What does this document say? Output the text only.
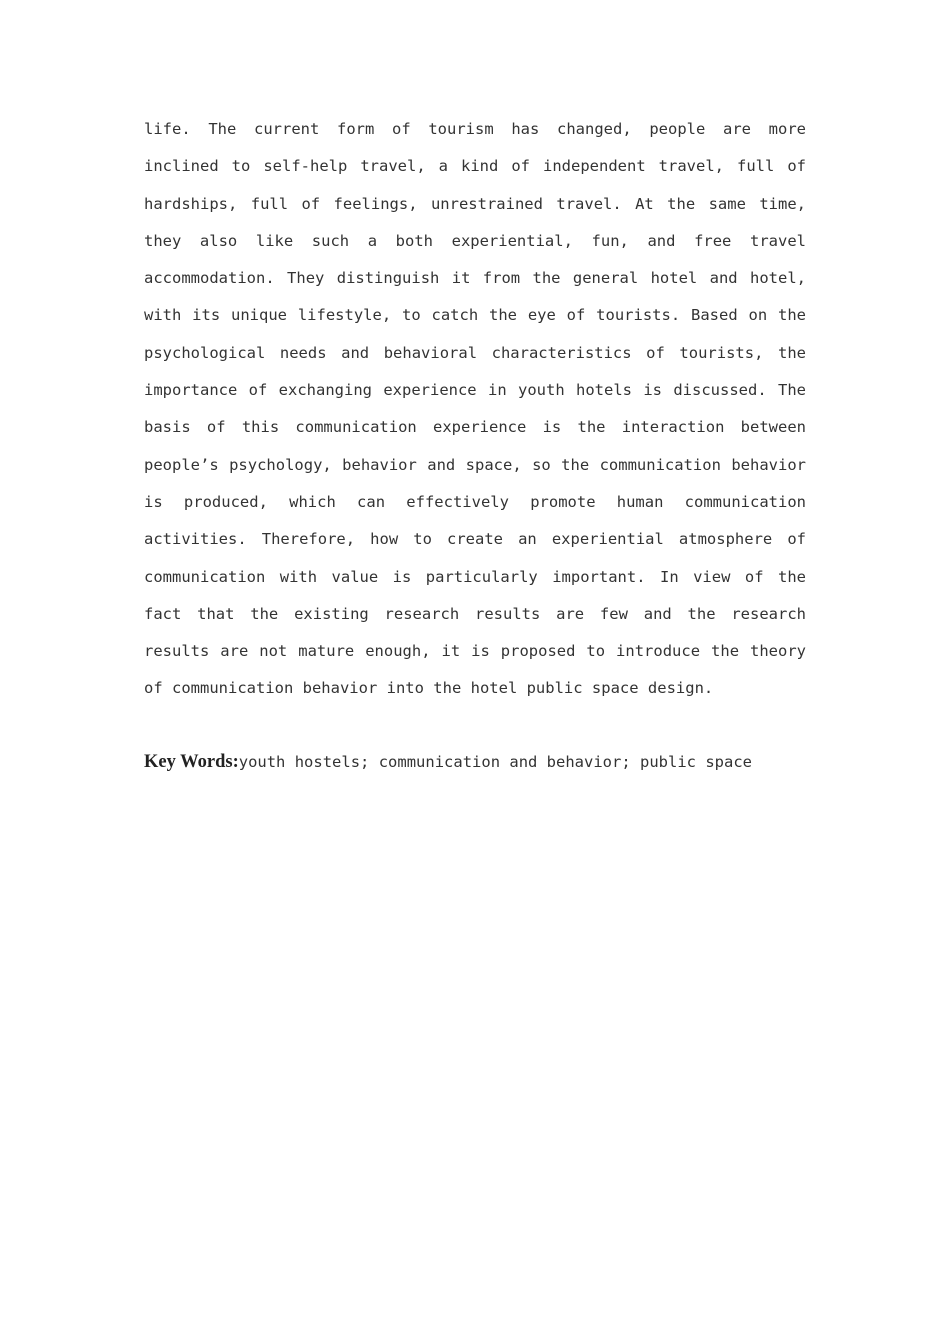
life. The current form of tourism has changed, people are more inclined to self-help travel, a kind of independent travel, full of hardships, full of feelings, unrestrained travel. At the same time, they also like such a both experiential, fun, and free travel accommodation. They distinguish it from the general hotel and hotel, with its unique lifestyle, to catch the eye of tourists. Based on the psychological needs and behavioral characteristics of tourists, the importance of exchanging experience in youth hotels is discussed. The basis of this communication experience is the interaction between people’s psychology, behavior and space, so the communication behavior is produced, which can effectively promote human communication activities. Therefore, how to create an experiential atmosphere of communication with value is particularly important. In view of the fact that the existing research results are few and the research results are not mature enough, it is proposed to introduce the theory of communication behavior into the hotel public space design.

Key Words:youth hostels; communication and behavior; public space
